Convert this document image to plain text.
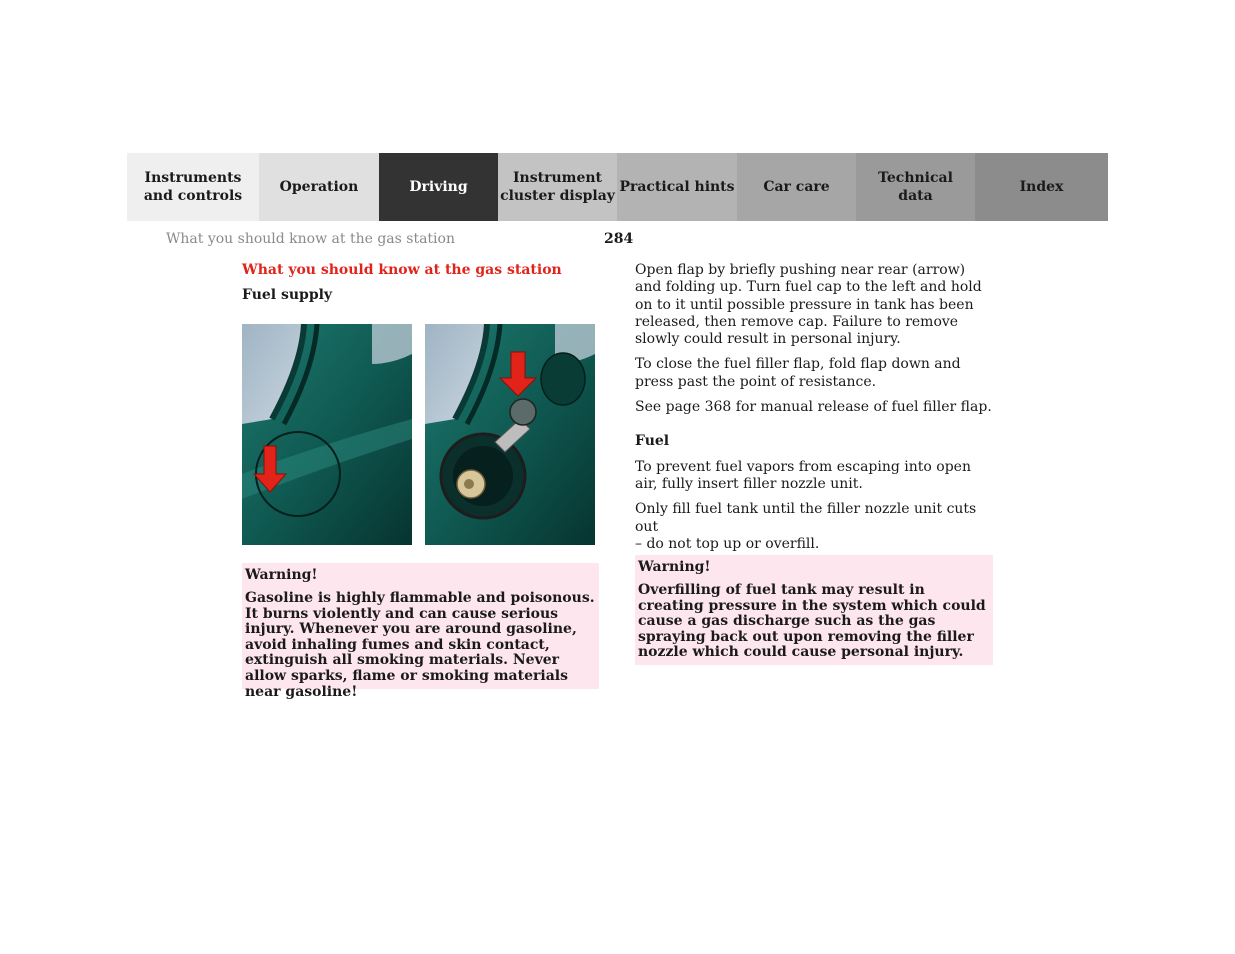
Instruments
and controls
Operation	Driving
Instrument
cluster display
Practical hints Car care
Technical
data
Index
What you should know at the gas station	284
What you should know at the gas station
Fuel supply
Warning!
Gasoline is highly flammable and poisonous. It burns violently and can cause serious injury. Whenever you are around gasoline, avoid inhaling fumes and skin contact, extinguish all smoking materials. Never allow sparks, flame or smoking materials near gasoline!

Open flap by briefly pushing near rear (arrow) and folding up. Turn fuel cap to the left and hold on to it until possible pressure in tank has been released, then remove cap. Failure to remove slowly could result in personal injury.

To close the fuel filler flap, fold flap down and press past the point of resistance.

See page 368 for manual release of fuel filler flap.

Fuel

To prevent fuel vapors from escaping into open air, fully insert filler nozzle unit.

Only fill fuel tank until the filler nozzle unit cuts out
– do not top up or overfill.

Warning!
Overfilling of fuel tank may result in creating pressure in the system which could cause a gas discharge such as the gas spraying back out upon removing the filler nozzle which could cause personal injury.
